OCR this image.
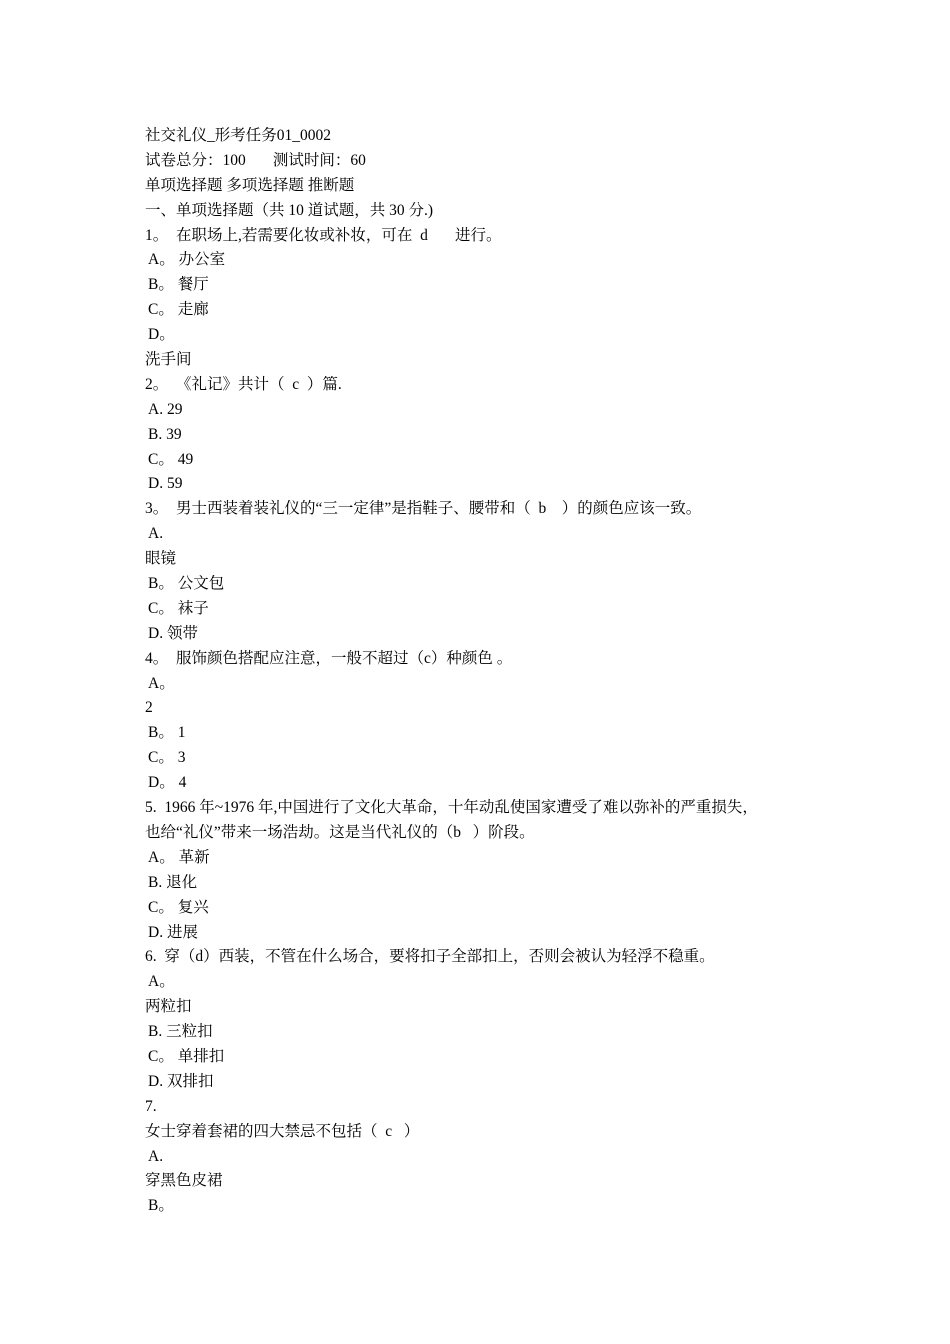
社交礼仪_形考任务01_0002
试卷总分：100       测试时间：60
单项选择题 多项选择题 推断题
一、单项选择题（共 10 道试题，共 30 分.)
1。  在职场上,若需要化妆或补妆，可在  d       进行。
A。 办公室
B。 餐厅
C。 走廊
D。
洗手间
2。  《礼记》共计（  c  ）篇.
A. 29
B. 39
C。 49
D. 59
3。  男士西装着装礼仪的“三一定律”是指鞋子、腰带和（  b    ）的颜色应该一致。
A.
眼镜
B。 公文包
C。 袜子
D. 领带
4。  服饰颜色搭配应注意，一般不超过（c）种颜色 。
A。
2
B。 1
C。 3
D。 4
5.  1966 年~1976 年,中国进行了文化大革命，十年动乱使国家遭受了难以弥补的严重损失，
也给“礼仪”带来一场浩劫。这是当代礼仪的（b   ）阶段。
A。 革新
B. 退化
C。 复兴
D. 进展
6.  穿（d）西装，不管在什么场合，要将扣子全部扣上，否则会被认为轻浮不稳重。
A。
两粒扣
B. 三粒扣
C。 单排扣
D. 双排扣
7.
女士穿着套裙的四大禁忌不包括（  c   ）
A.
穿黑色皮裙
B。
